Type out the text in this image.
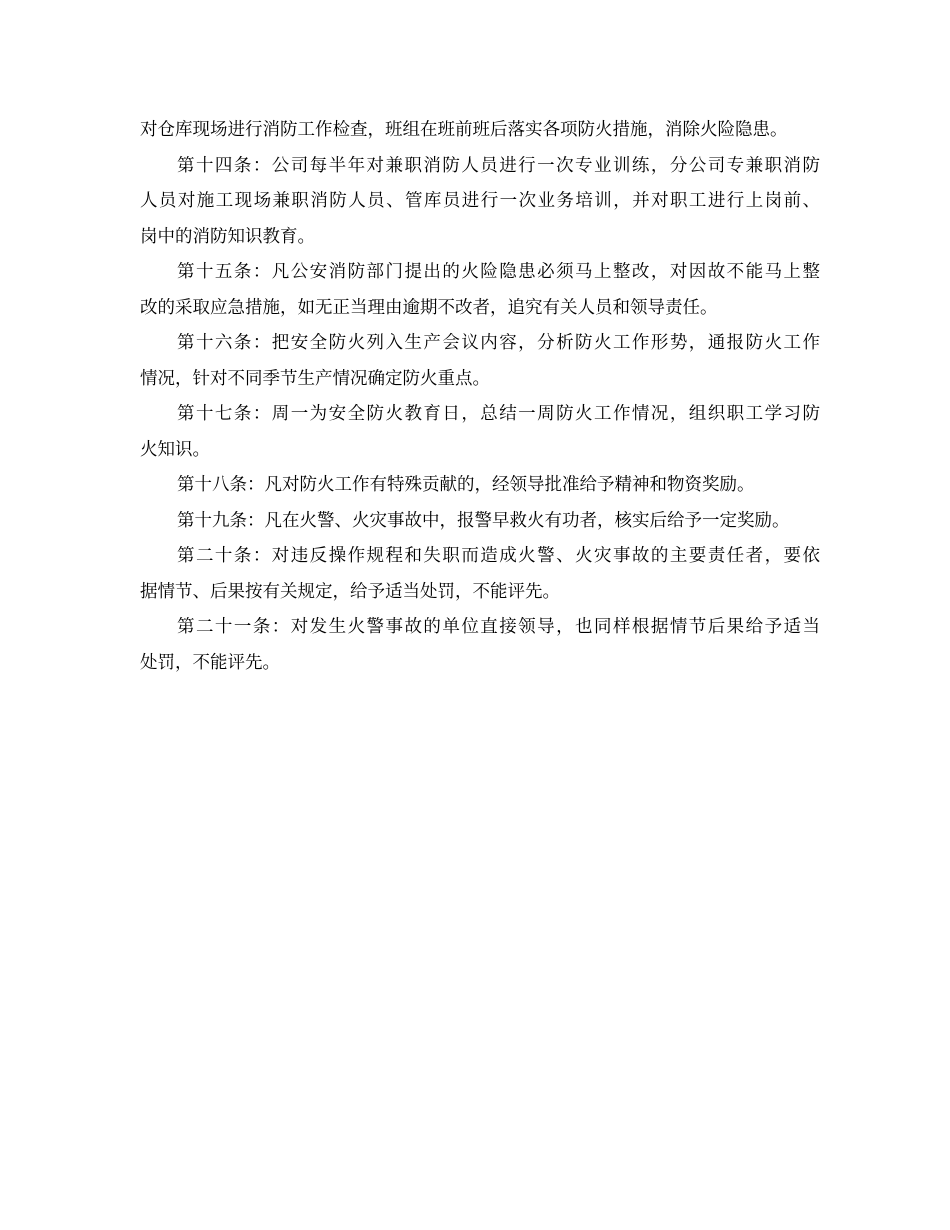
对仓库现场进行消防工作检查，班组在班前班后落实各项防火措施，消除火险隐患。
第十四条：公司每半年对兼职消防人员进行一次专业训练，分公司专兼职消防
人员对施工现场兼职消防人员、管库员进行一次业务培训，并对职工进行上岗前、
岗中的消防知识教育。
第十五条：凡公安消防部门提出的火险隐患必须马上整改，对因故不能马上整
改的采取应急措施，如无正当理由逾期不改者，追究有关人员和领导责任。
第十六条：把安全防火列入生产会议内容，分析防火工作形势，通报防火工作
情况，针对不同季节生产情况确定防火重点。
第十七条：周一为安全防火教育日，总结一周防火工作情况，组织职工学习防
火知识。
第十八条：凡对防火工作有特殊贡献的，经领导批准给予精神和物资奖励。
第十九条：凡在火警、火灾事故中，报警早救火有功者，核实后给予一定奖励。
第二十条：对违反操作规程和失职而造成火警、火灾事故的主要责任者，要依
据情节、后果按有关规定，给予适当处罚，不能评先。
第二十一条：对发生火警事故的单位直接领导，也同样根据情节后果给予适当
处罚，不能评先。
